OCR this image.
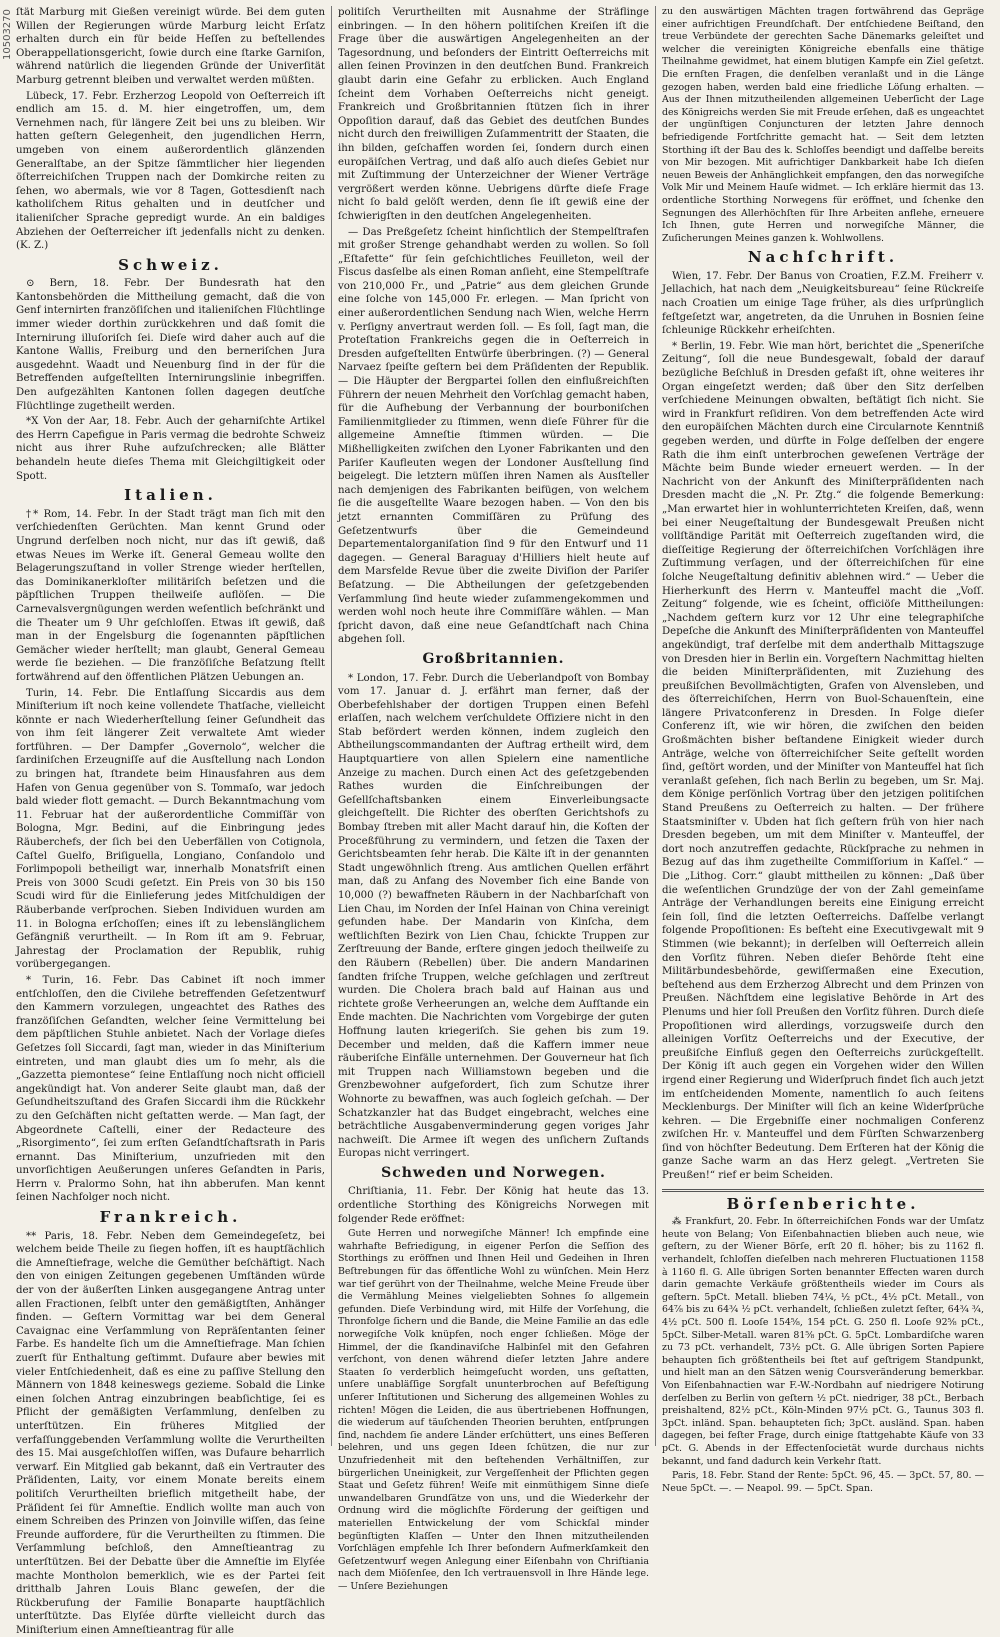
10503270 ſtät Marburg mit Gießen vereinigt würde. Bei dem guten Willen der Regierungen würde Marburg leicht Erſatz erhalten durch ein für beide Heſſen zu beſtellendes Oberappellationsgericht, ſowie durch eine ſtarke Garniſon, während natürlich die liegenden Gründe der Univerſität Marburg getrennt bleiben und verwaltet werden müßten.

Lübeck, 17. Febr. Erzherzog Leopold von Oeſterreich iſt endlich am 15. d. M. hier eingetroffen, um, dem Vernehmen nach, für längere Zeit bei uns zu bleiben. Wir hatten geſtern Gelegenheit, den jugendlichen Herrn, umgeben von einem außerordentlich glänzenden Generalſtabe, an der Spitze ſämmtlicher hier liegenden öſterreichiſchen Truppen nach der Domkirche reiten zu ſehen, wo abermals, wie vor 8 Tagen, Gottesdienſt nach katholiſchem Ritus gehalten und in deutſcher und italieniſcher Sprache gepredigt wurde. An ein baldiges Abziehen der Oeſterreicher iſt jedenfalls nicht zu denken. (K. Z.)

Schweiz.

⊙ Bern, 18. Febr. Der Bundesrath hat den Kantonsbehörden die Mittheilung gemacht, daß die von Genf internirten franzöſiſchen und italieniſchen Flüchtlinge immer wieder dorthin zurückkehren und daß ſomit die Internirung illuſoriſch ſei. Dieſe wird daher auch auf die Kantone Wallis, Freiburg und den berneriſchen Jura ausgedehnt. Waadt und Neuenburg ſind in der für die Betreffenden aufgeſtellten Internirungslinie inbegriffen. Den aufgezählten Kantonen ſollen dagegen deutſche Flüchtlinge zugetheilt werden.

*X Von der Aar, 18. Febr. Auch der geharniſchte Artikel des Herrn Capefigue in Paris vermag die bedrohte Schweiz nicht aus ihrer Ruhe aufzuſchrecken; alle Blätter behandeln heute dieſes Thema mit Gleichgiltigkeit oder Spott.

Italien.

†* Rom, 14. Febr. In der Stadt trägt man ſich mit den verſchiedenſten Gerüchten. Man kennt Grund oder Ungrund derſelben noch nicht, nur das iſt gewiß, daß etwas Neues im Werke iſt. General Gemeau wollte den Belagerungszuſtand in voller Strenge wieder herſtellen, das Dominikanerkloſter militäriſch beſetzen und die päpſtlichen Truppen theilweiſe auflöſen. — Die Carnevalsvergnügungen werden weſentlich beſchränkt und die Theater um 9 Uhr geſchloſſen. Etwas iſt gewiß, daß man in der Engelsburg die ſogenannten päpſtlichen Gemächer wieder herſtellt; man glaubt, General Gemeau werde ſie beziehen. — Die franzöſiſche Beſatzung ſtellt fortwährend auf den öffentlichen Plätzen Uebungen an.

Turin, 14. Febr. Die Entlaſſung Siccardis aus dem Miniſterium iſt noch keine vollendete Thatſache, vielleicht könnte er nach Wiederherſtellung ſeiner Geſundheit das von ihm ſeit längerer Zeit verwaltete Amt wieder fortführen. — Der Dampfer „Governolo“, welcher die ſardiniſchen Erzeugniſſe auf die Ausſtellung nach London zu bringen hat, ſtrandete beim Hinausfahren aus dem Hafen von Genua gegenüber von S. Tommaſo, war jedoch bald wieder flott gemacht. — Durch Bekanntmachung vom 11. Februar hat der außerordentliche Commiſſär von Bologna, Mgr. Bedini, auf die Einbringung jedes Räuberchefs, der ſich bei den Ueberfällen von Cotignola, Caſtel Guelfo, Briſiguella, Longiano, Conſandolo und Forlimpopoli betheiligt war, innerhalb Monatsfriſt einen Preis von 3000 Scudi geſetzt. Ein Preis von 30 bis 150 Scudi wird für die Einlieferung jedes Mitſchuldigen der Räuberbande verſprochen. Sieben Individuen wurden am 11. in Bologna erſchoſſen; eines iſt zu lebenslänglichem Gefängniß verurtheilt. — In Rom iſt am 9. Februar, Jahrestag der Proclamation der Republik, ruhig vorübergegangen.

* Turin, 16. Febr. Das Cabinet iſt noch immer entſchloſſen, den die Civilehe betreffenden Geſetzentwurf den Kammern vorzulegen, ungeachtet des Rathes des franzöſiſchen Geſandten, welcher ſeine Vermittelung bei dem päpſtlichen Stuhle anbietet. Nach der Vorlage dieſes Geſetzes ſoll Siccardi, ſagt man, wieder in das Miniſterium eintreten, und man glaubt dies um ſo mehr, als die „Gazzetta piemontese“ ſeine Entlaſſung noch nicht officiell angekündigt hat. Von anderer Seite glaubt man, daß der Geſundheitszuſtand des Grafen Siccardi ihm die Rückkehr zu den Geſchäften nicht geſtatten werde. — Man ſagt, der Abgeordnete Caſtelli, einer der Redacteure des „Risorgimento“, ſei zum erſten Geſandtſchaftsrath in Paris ernannt. Das Miniſterium, unzufrieden mit den unvorſichtigen Aeußerungen unſeres Geſandten in Paris, Herrn v. Pralormo Sohn, hat ihn abberufen. Man kennt ſeinen Nachfolger noch nicht.

Frankreich.

** Paris, 18. Febr. Neben dem Gemeindegeſetz, bei welchem beide Theile zu ſiegen hoffen, iſt es hauptſächlich die Amneſtiefrage, welche die Gemüther beſchäftigt. Nach den von einigen Zeitungen gegebenen Umſtänden würde der von der äußerſten Linken ausgegangene Antrag unter allen Fractionen, ſelbſt unter den gemäßigtſten, Anhänger finden. — Geſtern Vormittag war bei dem General Cavaignac eine Verſammlung von Repräſentanten ſeiner Farbe. Es handelte ſich um die Amneſtiefrage. Man ſchien zuerſt für Enthaltung geſtimmt. Dufaure aber bewies mit vieler Entſchiedenheit, daß es eine zu paſſive Stellung den Männern von 1848 keineswegs gezieme. Sobald die Linke einen ſolchen Antrag einzubringen beabſichtige, ſei es Pflicht der gemäßigten Verſammlung, denſelben zu unterſtützen. Ein früheres Mitglied der verfaſſunggebenden Verſammlung wollte die Verurtheilten des 15. Mai ausgeſchloſſen wiſſen, was Dufaure beharrlich verwarf. Ein Mitglied gab bekannt, daß ein Vertrauter des Präſidenten, Laity, vor einem Monate bereits einem politiſch Verurtheilten brieflich mitgetheilt habe, der Präſident ſei für Amneſtie. Endlich wollte man auch von einem Schreiben des Prinzen von Joinville wiſſen, das ſeine Freunde auffordere, für die Verurtheilten zu ſtimmen. Die Verſammlung beſchloß, den Amneſtieantrag zu unterſtützen. Bei der Debatte über die Amneſtie im Elyſée machte Montholon bemerklich, wie es der Partei ſeit dritthalb Jahren Louis Blanc geweſen, der die Rückberufung der Familie Bonaparte hauptſächlich unterſtützte. Das Elyſée dürfte vielleicht durch das Miniſterium einen Amneſtieantrag für alle

politiſch Verurtheilten mit Ausnahme der Sträflinge einbringen. — In den höhern politiſchen Kreiſen iſt die Frage über die auswärtigen Angelegenheiten an der Tagesordnung, und beſonders der Eintritt Oeſterreichs mit allen ſeinen Provinzen in den deutſchen Bund. Frankreich glaubt darin eine Gefahr zu erblicken. Auch England ſcheint dem Vorhaben Oeſterreichs nicht geneigt. Frankreich und Großbritannien ſtützen ſich in ihrer Oppoſition darauf, daß das Gebiet des deutſchen Bundes nicht durch den freiwilligen Zuſammentritt der Staaten, die ihn bilden, geſchaffen worden ſei, ſondern durch einen europäiſchen Vertrag, und daß alſo auch dieſes Gebiet nur mit Zuſtimmung der Unterzeichner der Wiener Verträge vergrößert werden könne. Uebrigens dürfte dieſe Frage nicht ſo bald gelöſt werden, denn ſie iſt gewiß eine der ſchwierigſten in den deutſchen Angelegenheiten.

— Das Preßgeſetz ſcheint hinſichtlich der Stempelſtrafen mit großer Strenge gehandhabt werden zu wollen. So ſoll „Eſtafette“ für ſein geſchichtliches Feuilleton, weil der Fiscus dasſelbe als einen Roman anſieht, eine Stempelſtrafe von 210,000 Fr., und „Patrie“ aus dem gleichen Grunde eine ſolche von 145,000 Fr. erlegen. — Man ſpricht von einer außerordentlichen Sendung nach Wien, welche Herrn v. Perſigny anvertraut werden ſoll. — Es ſoll, ſagt man, die Proteſtation Frankreichs gegen die in Oeſterreich in Dresden aufgeſtellten Entwürfe überbringen. (?) — General Narvaez ſpeiſte geſtern bei dem Präſidenten der Republik. — Die Häupter der Bergpartei ſollen den einflußreichſten Führern der neuen Mehrheit den Vorſchlag gemacht haben, für die Aufhebung der Verbannung der bourboniſchen Familienmitglieder zu ſtimmen, wenn dieſe Führer für die allgemeine Amneſtie ſtimmen würden. — Die Mißhelligkeiten zwiſchen den Lyoner Fabrikanten und den Pariſer Kaufleuten wegen der Londoner Ausſtellung ſind beigelegt. Die letztern müſſen ihren Namen als Ausſteller nach demjenigen des Fabrikanten beifügen, von welchem ſie die ausgeſtellte Waare bezogen haben. — Von den bis jetzt ernannten Commiſſären zu Prüfung des Geſetzentwurfs über die Gemeindeund Departementalorganiſation ſind 9 für den Entwurf und 11 dagegen. — General Baraguay d'Hilliers hielt heute auf dem Marsfelde Revue über die zweite Diviſion der Pariſer Beſatzung. — Die Abtheilungen der geſetzgebenden Verſammlung ſind heute wieder zuſammengekommen und werden wohl noch heute ihre Commiſſäre wählen. — Man ſpricht davon, daß eine neue Geſandtſchaft nach China abgehen ſoll.

Großbritannien.

* London, 17. Febr. Durch die Ueberlandpoſt von Bombay vom 17. Januar d. J. erfährt man ferner, daß der Oberbefehlshaber der dortigen Truppen einen Befehl erlaſſen, nach welchem verſchuldete Offiziere nicht in den Stab befördert werden können, indem zugleich den Abtheilungscommandanten der Auftrag ertheilt wird, dem Hauptquartiere von allen Spielern eine namentliche Anzeige zu machen. Durch einen Act des geſetzgebenden Rathes wurden die Einſchreibungen der Geſellſchaftsbanken einem Einverleibungsacte gleichgeſtellt. Die Richter des oberſten Gerichtshofs zu Bombay ſtreben mit aller Macht darauf hin, die Koſten der Proceßführung zu vermindern, und ſetzen die Taxen der Gerichtsbeamten ſehr herab. Die Kälte iſt in der genannten Stadt ungewöhnlich ſtreng. Aus amtlichen Quellen erfährt man, daß zu Anfang des November ſich eine Bande von 10,000 (?) bewaffneten Räubern in der Nachbarſchaft von Lien Chau, im Norden der Inſel Hainan von China vereinigt gefunden habe. Der Mandarin von Kinſcha, dem weſtlichſten Bezirk von Lien Chau, ſchickte Truppen zur Zerſtreuung der Bande, erſtere gingen jedoch theilweiſe zu den Räubern (Rebellen) über. Die andern Mandarinen ſandten friſche Truppen, welche geſchlagen und zerſtreut wurden. Die Cholera brach bald auf Hainan aus und richtete große Verheerungen an, welche dem Aufſtande ein Ende machten. Die Nachrichten vom Vorgebirge der guten Hoffnung lauten kriegeriſch. Sie gehen bis zum 19. December und melden, daß die Kaffern immer neue räuberiſche Einfälle unternehmen. Der Gouverneur hat ſich mit Truppen nach Williamstown begeben und die Grenzbewohner aufgefordert, ſich zum Schutze ihrer Wohnorte zu bewaffnen, was auch ſogleich geſchah. — Der Schatzkanzler hat das Budget eingebracht, welches eine beträchtliche Ausgabenverminderung gegen voriges Jahr nachweiſt. Die Armee iſt wegen des unſichern Zuſtands Europas nicht verringert.

Schweden und Norwegen.

Chriſtiania, 11. Febr. Der König hat heute das 13. ordentliche Storthing des Königreichs Norwegen mit folgender Rede eröffnet:

Gute Herren und norwegiſche Männer! Ich empfinde eine wahrhafte Befriedigung, in eigener Perſon die Seſſion des Storthings zu eröffnen und Ihnen Heil und Gedeihen in Ihren Beſtrebungen für das öffentliche Wohl zu wünſchen. Mein Herz war tief gerührt von der Theilnahme, welche Meine Freude über die Vermählung Meines vielgeliebten Sohnes ſo allgemein gefunden. Dieſe Verbindung wird, mit Hilfe der Vorſehung, die Thronfolge ſichern und die Bande, die Meine Familie an das edle norwegiſche Volk knüpfen, noch enger ſchließen. Möge der Himmel, der die ſkandinaviſche Halbinſel mit den Gefahren verſchont, von denen während dieſer letzten Jahre andere Staaten ſo verderblich heimgeſucht worden, uns geſtatten, unſere unabläſſige Sorgfalt ununterbrochen auf Befeſtigung unſerer Inſtitutionen und Sicherung des allgemeinen Wohles zu richten! Mögen die Leiden, die aus übertriebenen Hoffnungen, die wiederum auf täuſchenden Theorien beruhten, entſprungen ſind, nachdem ſie andere Länder erſchüttert, uns eines Beſſeren belehren, und uns gegen Ideen ſchützen, die nur zur Unzufriedenheit mit den beſtehenden Verhältniſſen, zur bürgerlichen Uneinigkeit, zur Vergeſſenheit der Pflichten gegen Staat und Geſetz führen! Weiſe mit einmüthigem Sinne dieſe unwandelbaren Grundſätze von uns, und die Wiederkehr der Ordnung wird die möglichſte Förderung der geiſtigen und materiellen Entwickelung der vom Schickſal minder begünſtigten Klaſſen — Unter den Ihnen mitzutheilenden Vorſchlägen empfehle Ich Ihrer beſondern Aufmerkſamkeit den Geſetzentwurf wegen Anlegung einer Eiſenbahn von Chriſtiania nach dem Miöſenſee, den Ich vertrauensvoll in Ihre Hände lege. — Unſere Beziehungen

zu den auswärtigen Mächten tragen fortwährend das Gepräge einer aufrichtigen Freundſchaft. Der entſchiedene Beiſtand, den treue Verbündete der gerechten Sache Dänemarks geleiſtet und welcher die vereinigten Königreiche ebenfalls eine thätige Theilnahme gewidmet, hat einem blutigen Kampfe ein Ziel geſetzt. Die ernſten Fragen, die denſelben veranlaßt und in die Länge gezogen haben, werden bald eine friedliche Löſung erhalten. — Aus der Ihnen mitzutheilenden allgemeinen Ueberſicht der Lage des Königreichs werden Sie mit Freude erſehen, daß es ungeachtet der ungünſtigen Conjuncturen der letzten Jahre dennoch befriedigende Fortſchritte gemacht hat. — Seit dem letzten Storthing iſt der Bau des k. Schloſſes beendigt und daſſelbe bereits von Mir bezogen. Mit aufrichtiger Dankbarkeit habe Ich dieſen neuen Beweis der Anhänglichkeit empfangen, den das norwegiſche Volk Mir und Meinem Hauſe widmet. — Ich erkläre hiermit das 13. ordentliche Storthing Norwegens für eröffnet, und ſchenke den Segnungen des Allerhöchſten für Ihre Arbeiten anflehe, erneuere Ich Ihnen, gute Herren und norwegiſche Männer, die Zuſicherungen Meines ganzen k. Wohlwollens.

Nachſchrift.

Wien, 17. Febr. Der Banus von Croatien, F.Z.M. Freiherr v. Jellachich, hat nach dem „Neuigkeitsbureau“ ſeine Rückreiſe nach Croatien um einige Tage früher, als dies urſprünglich feſtgeſetzt war, angetreten, da die Unruhen in Bosnien ſeine ſchleunige Rückkehr erheiſchten.

* Berlin, 19. Febr. Wie man hört, berichtet die „Speneriſche Zeitung“, ſoll die neue Bundesgewalt, ſobald der darauf bezügliche Beſchluß in Dresden gefaßt iſt, ohne weiteres ihr Organ eingeſetzt werden; daß über den Sitz derſelben verſchiedene Meinungen obwalten, beſtätigt ſich nicht. Sie wird in Frankfurt reſidiren. Von dem betreffenden Acte wird den europäiſchen Mächten durch eine Circularnote Kenntniß gegeben werden, und dürfte in Folge deſſelben der engere Rath die ihm einſt unterbrochen geweſenen Verträge der Mächte beim Bunde wieder erneuert werden. — In der Nachricht von der Ankunft des Miniſterpräſidenten nach Dresden macht die „N. Pr. Ztg.“ die folgende Bemerkung: „Man erwartet hier in wohlunterrichteten Kreiſen, daß, wenn bei einer Neugeſtaltung der Bundesgewalt Preußen nicht vollſtändige Parität mit Oeſterreich zugeſtanden wird, die dieſſeitige Regierung der öſterreichiſchen Vorſchlägen ihre Zuſtimmung verſagen, und der öſterreichiſchen für eine ſolche Neugeſtaltung definitiv ablehnen wird.“ — Ueber die Hierherkunft des Herrn v. Manteuffel macht die „Voſſ. Zeitung“ folgende, wie es ſcheint, officiöſe Mittheilungen: „Nachdem geſtern kurz vor 12 Uhr eine telegraphiſche Depeſche die Ankunft des Miniſterpräſidenten von Manteuffel angekündigt, traf derſelbe mit dem anderthalb Mittagszuge von Dresden hier in Berlin ein. Vorgeſtern Nachmittag hielten die beiden Miniſterpräſidenten, mit Zuziehung des preußiſchen Bevollmächtigten, Grafen von Alvensleben, und des öſterreichiſchen, Herrn von Buol-Schauenſtein, eine längere Privatconferenz in Dresden. In Folge dieſer Conferenz iſt, wie wir hören, die zwiſchen den beiden Großmächten bisher beſtandene Einigkeit wieder durch Anträge, welche von öſterreichiſcher Seite geſtellt worden ſind, geſtört worden, und der Miniſter von Manteuffel hat ſich veranlaßt geſehen, ſich nach Berlin zu begeben, um Sr. Maj. dem Könige perſönlich Vortrag über den jetzigen politiſchen Stand Preußens zu Oeſterreich zu halten. — Der frühere Staatsminiſter v. Ubden hat ſich geſtern früh von hier nach Dresden begeben, um mit dem Miniſter v. Manteuffel, der dort noch anzutreffen gedachte, Rückſprache zu nehmen in Bezug auf das ihm zugetheilte Commiſſorium in Kaſſel.“ — Die „Lithog. Corr.“ glaubt mittheilen zu können: „Daß über die weſentlichen Grundzüge der von der Zahl gemeinſame Anträge der Verhandlungen bereits eine Einigung erreicht ſein ſoll, ſind die letzten Oeſterreichs. Daſſelbe verlangt folgende Propoſitionen: Es beſteht eine Executivgewalt mit 9 Stimmen (wie bekannt); in derſelben will Oeſterreich allein den Vorſitz führen. Neben dieſer Behörde ſteht eine Militärbundesbehörde, gewiſſermaßen eine Execution, beſtehend aus dem Erzherzog Albrecht und dem Prinzen von Preußen. Nächſtdem eine legislative Behörde in Art des Plenums und hier ſoll Preußen den Vorſitz führen. Durch dieſe Propoſitionen wird allerdings, vorzugsweiſe durch den alleinigen Vorſitz Oeſterreichs und der Executive, der preußiſche Einfluß gegen den Oeſterreichs zurückgeſtellt. Der König iſt auch gegen ein Vorgehen wider den Willen irgend einer Regierung und Widerſpruch findet ſich auch jetzt im entſcheidenden Momente, namentlich ſo auch ſeitens Mecklenburgs. Der Miniſter will ſich an keine Widerſprüche kehren. — Die Ergebniſſe einer nochmaligen Conferenz zwiſchen Hr. v. Manteuffel und dem Fürſten Schwarzenberg ſind von höchſter Bedeutung. Dem Erſteren hat der König die ganze Sache warm an das Herz gelegt. „Vertreten Sie Preußen!“ rief er beim Scheiden.

Börſenberichte.

⁂ Frankfurt, 20. Febr. In öſterreichiſchen Fonds war der Umſatz heute von Belang; Von Eiſenbahnactien blieben auch neue, wie geſtern, zu der Wiener Börſe, erſt 20 fl. höher; bis zu 1162 fl. verhandelt, ſchloſſen dieſelben nach mehreren Fluctuationen 1158 à 1160 fl. G. Alle übrigen Sorten benannter Effecten waren durch darin gemachte Verkäufe größtentheils wieder im Cours als geſtern. 5pCt. Metall. blieben 74¼, ½ pCt., 4½ pCt. Metall., von 64⅞ bis zu 64¾ ½ pCt. verhandelt, ſchließen zuletzt ſeſter, 64¾ ¾, 4½ pCt. 500 fl. Looſe 154⅝, 154 pCt. G. 250 fl. Looſe 92⅝ pCt., 5pCt. Silber-Metall. waren 81⅝ pCt. G. 5pCt. Lombardiſche waren zu 73 pCt. verhandelt, 73½ pCt. G. Alle übrigen Sorten Papiere behaupten ſich größtentheils bei ſtet auf geſtrigem Standpunkt, und hielt man an den Sätzen wenig Coursveränderung bemerkbar. Von Eiſenbahnactien war F.-W.-Nordbahn auf niedrigere Notirung derſelben zu Berlin von geſtern ½ pCt. niedriger, 38 pCt., Berbach preishaltend, 82½ pCt., Köln-Minden 97½ pCt. G., Taunus 303 fl. 3pCt. inländ. Span. behaupteten ſich; 3pCt. ausländ. Span. haben dagegen, bei feſter Frage, durch einige ſtattgehabte Käufe von 33 pCt. G. Abends in der Effectenſocietät wurde durchaus nichts bekannt, und fand dadurch kein Verkehr ſtatt.

Paris, 18. Febr. Stand der Rente: 5pCt. 96, 45. — 3pCt. 57, 80. — Neue 5pCt. —. — Neapol. 99. — 5pCt. Span.
